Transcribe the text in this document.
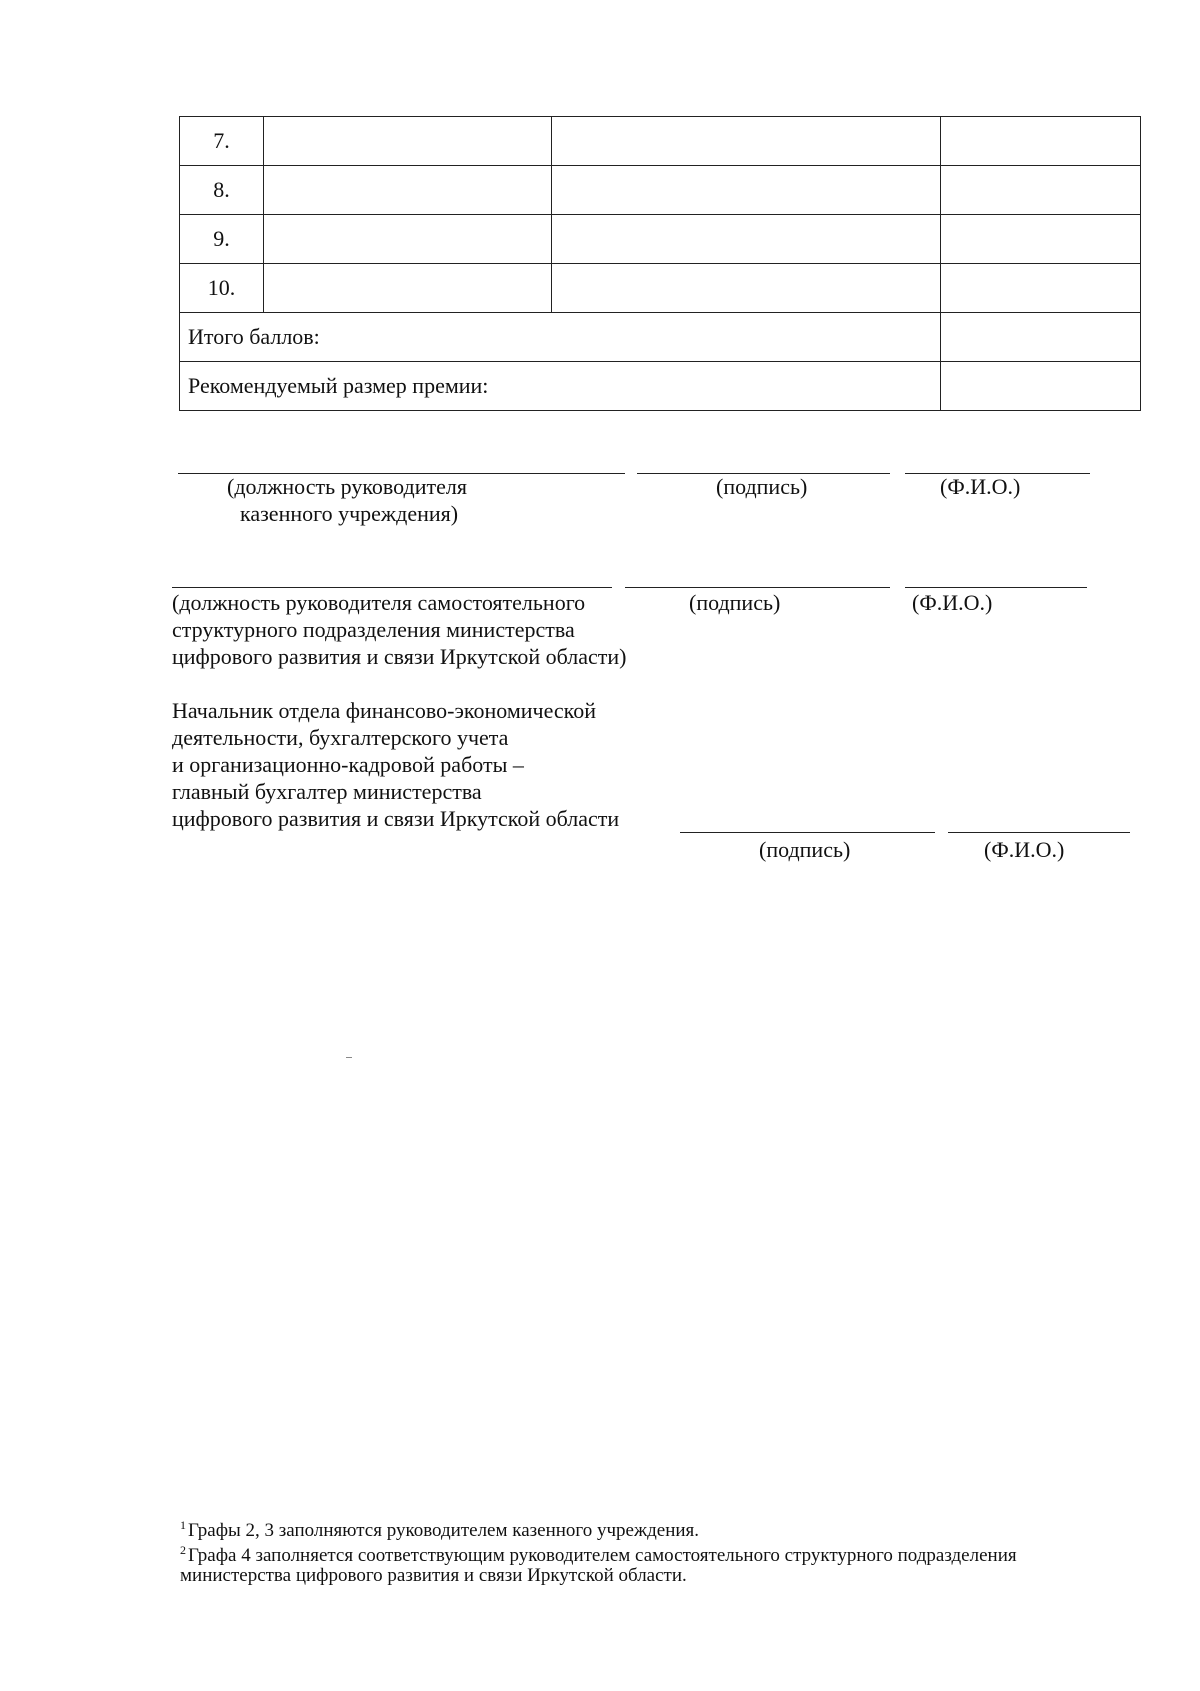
7.			
8.			
9.			
10.			
Итого баллов:			
Рекомендуемый размер премии:			
(должность руководителя
казенного учреждения)
(подпись)	(Ф.И.О.)
(должность руководителя самостоятельного
структурного подразделения министерства
цифрового развития и связи Иркутской области)
(подпись)	(Ф.И.О.)
Начальник отдела финансово-экономической
деятельности, бухгалтерского учета
и организационно-кадровой работы –
главный бухгалтер министерства
цифрового развития и связи Иркутской области
(подпись)	(Ф.И.О.)
$^1$ Графы 2, 3 заполняются руководителем казенного учреждения.
$^2$ Графа 4 заполняется соответствующим руководителем самостоятельного структурного подразделения
министерства цифрового развития и связи Иркутской области.
